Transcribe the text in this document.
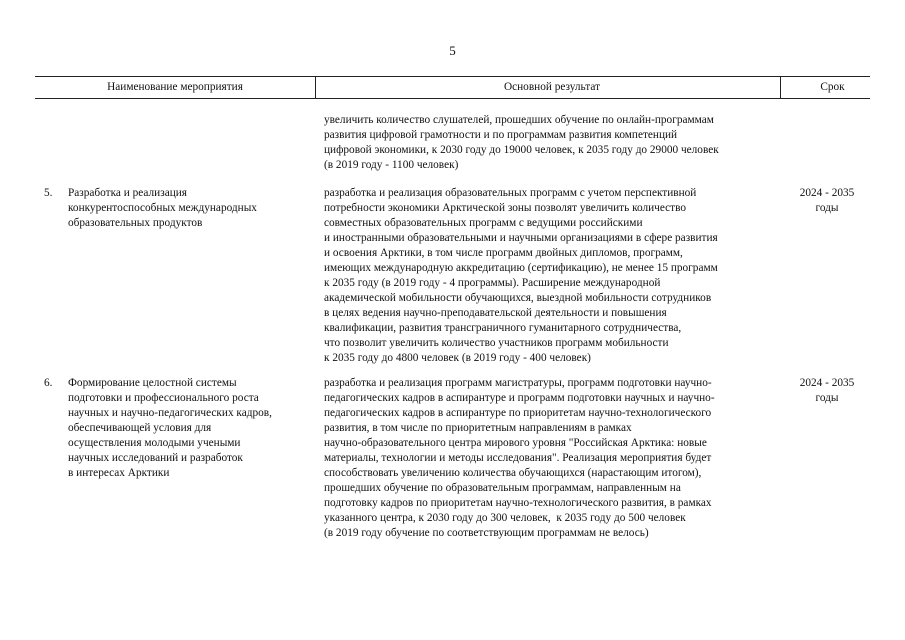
5
Наименование мероприятия	Основной результат	Срок
увеличить количество слушателей, прошедших обучение по онлайн-программам
развития цифровой грамотности и по программам развития компетенций
цифровой экономики, к 2030 году до 19000 человек, к 2035 году до 29000 человек
(в 2019 году - 1100 человек)
5. Разработка и реализация
конкурентоспособных международных
образовательных продуктов
разработка и реализация образовательных программ с учетом перспективной
потребности экономики Арктической зоны позволят увеличить количество
совместных образовательных программ с ведущими российскими
и иностранными образовательными и научными организациями в сфере развития
и освоения Арктики, в том числе программ двойных дипломов, программ,
имеющих международную аккредитацию (сертификацию), не менее 15 программ
к 2035 году (в 2019 году - 4 программы). Расширение международной
академической мобильности обучающихся, выездной мобильности сотрудников
в целях ведения научно-преподавательской деятельности и повышения
квалификации, развития трансграничного гуманитарного сотрудничества,
что позволит увеличить количество участников программ мобильности
к 2035 году до 4800 человек (в 2019 году - 400 человек)
2024 - 2035
годы
6. Формирование целостной системы
подготовки и профессионального роста
научных и научно-педагогических кадров,
обеспечивающей условия для
осуществления молодыми учеными
научных исследований и разработок
в интересах Арктики
разработка и реализация программ магистратуры, программ подготовки научно-
педагогических кадров в аспирантуре и программ подготовки научных и научно-
педагогических кадров в аспирантуре по приоритетам научно-технологического
развития, в том числе по приоритетным направлениям в рамках
научно-образовательного центра мирового уровня "Российская Арктика: новые
материалы, технологии и методы исследования". Реализация мероприятия будет
способствовать увеличению количества обучающихся (нарастающим итогом),
прошедших обучение по образовательным программам, направленным на
подготовку кадров по приоритетам научно-технологического развития, в рамках
указанного центра, к 2030 году до 300 человек,  к 2035 году до 500 человек
(в 2019 году обучение по соответствующим программам не велось)
2024 - 2035
годы
